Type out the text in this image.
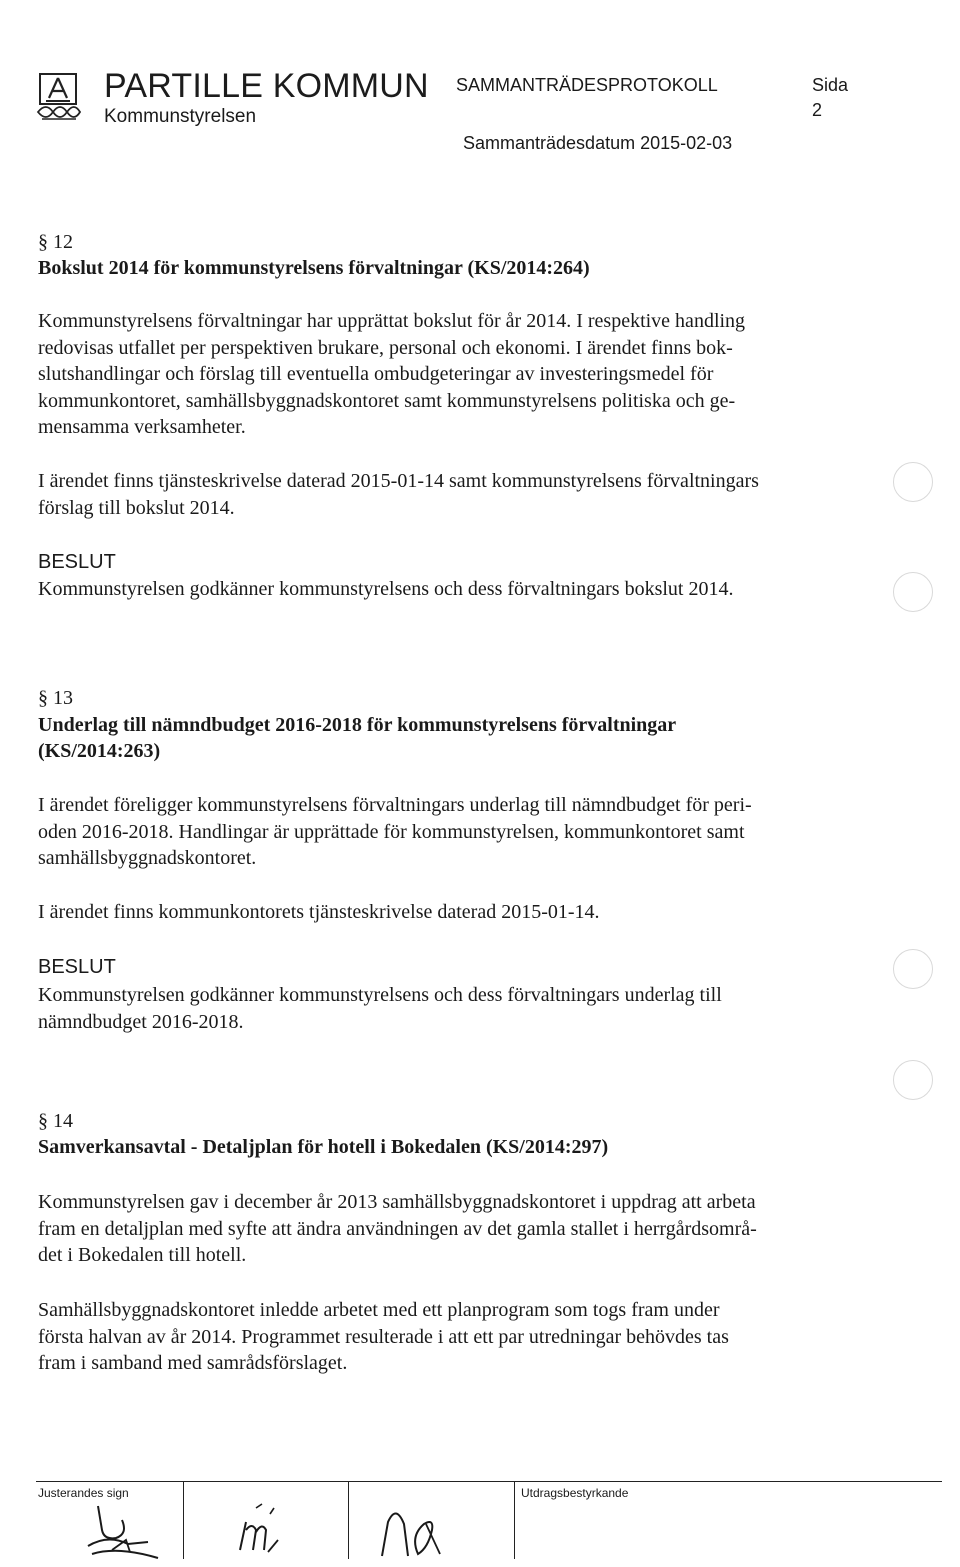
PARTILLE KOMMUN
Kommunstyrelsen
SAMMANTRÄDESPROTOKOLL	Sida
2
Sammanträdesdatum 2015-02-03
§ 12
Bokslut 2014 för kommunstyrelsens förvaltningar (KS/2014:264)
Kommunstyrelsens förvaltningar har upprättat bokslut för år 2014. I respektive handling
redovisas utfallet per perspektiven brukare, personal och ekonomi. I ärendet finns bok-
slutshandlingar och förslag till eventuella ombudgeteringar av investeringsmedel för
kommunkontoret, samhällsbyggnadskontoret samt kommunstyrelsens politiska och ge-
mensamma verksamheter.
I ärendet finns tjänsteskrivelse daterad 2015-01-14 samt kommunstyrelsens förvaltningars
förslag till bokslut 2014.
BESLUT
Kommunstyrelsen godkänner kommunstyrelsens och dess förvaltningars bokslut 2014.
§ 13
Underlag till nämndbudget 2016-2018 för kommunstyrelsens förvaltningar
(KS/2014:263)
I ärendet föreligger kommunstyrelsens förvaltningars underlag till nämndbudget för peri-
oden 2016-2018. Handlingar är upprättade för kommunstyrelsen, kommunkontoret samt
samhällsbyggnadskontoret.
I ärendet finns kommunkontorets tjänsteskrivelse daterad 2015-01-14.
BESLUT
Kommunstyrelsen godkänner kommunstyrelsens och dess förvaltningars underlag till
nämndbudget 2016-2018.
§ 14
Samverkansavtal - Detaljplan för hotell i Bokedalen (KS/2014:297)
Kommunstyrelsen gav i december år 2013 samhällsbyggnadskontoret i uppdrag att arbeta
fram en detaljplan med syfte att ändra användningen av det gamla stallet i herrgårdsområ-
det i Bokedalen till hotell.
Samhällsbyggnadskontoret inledde arbetet med ett planprogram som togs fram under
första halvan av år 2014. Programmet resulterade i att ett par utredningar behövdes tas
fram i samband med samrådsförslaget.
Justerandes sign	Utdragsbestyrkande
